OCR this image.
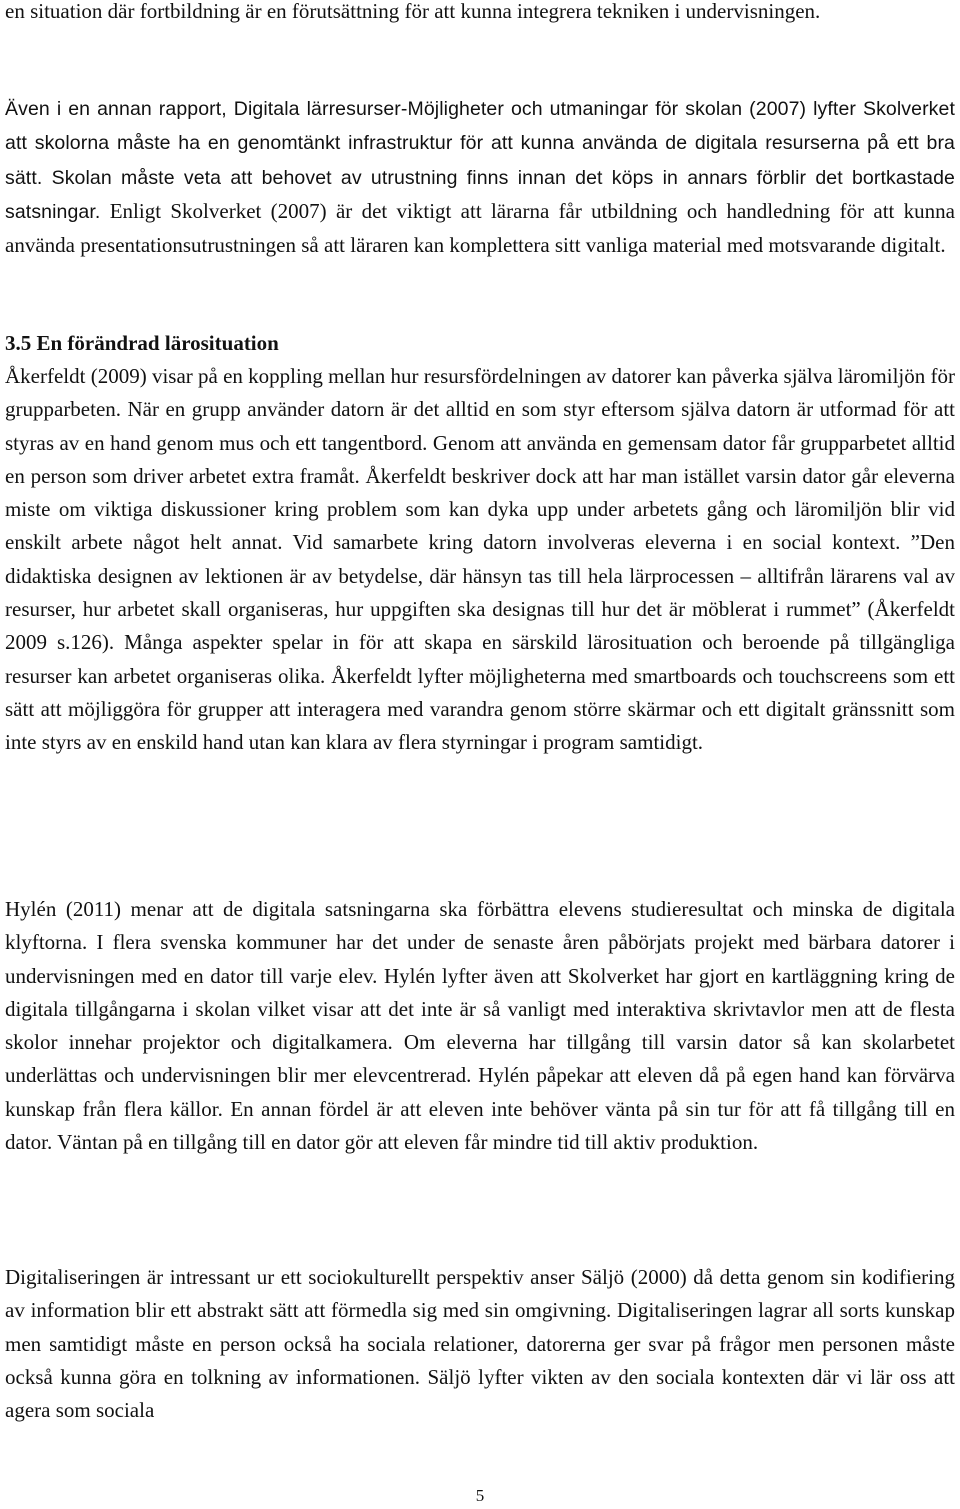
en situation där fortbildning är en förutsättning för att kunna integrera tekniken i undervisningen.

Även i en annan rapport, Digitala lärresurser-Möjligheter och utmaningar för skolan (2007) lyfter Skolverket att skolorna måste ha en genomtänkt infrastruktur för att kunna använda de digitala resurserna på ett bra sätt. Skolan måste veta att behovet av utrustning finns innan det köps in annars förblir det bortkastade satsningar. Enligt Skolverket (2007) är det viktigt att lärarna får utbildning och handledning för att kunna använda presentationsutrustningen så att läraren kan komplettera sitt vanliga material med motsvarande digitalt.

3.5 En förändrad lärosituation

Åkerfeldt (2009) visar på en koppling mellan hur resursfördelningen av datorer kan påverka själva läromiljön för grupparbeten. När en grupp använder datorn är det alltid en som styr eftersom själva datorn är utformad för att styras av en hand genom mus och ett tangentbord. Genom att använda en gemensam dator får grupparbetet alltid en person som driver arbetet extra framåt. Åkerfeldt beskriver dock att har man istället varsin dator går eleverna miste om viktiga diskussioner kring problem som kan dyka upp under arbetets gång och läromiljön blir vid enskilt arbete något helt annat. Vid samarbete kring datorn involveras eleverna i en social kontext. ”Den didaktiska designen av lektionen är av betydelse, där hänsyn tas till hela lärprocessen – alltifrån lärarens val av resurser, hur arbetet skall organiseras, hur uppgiften ska designas till hur det är möblerat i rummet” (Åkerfeldt 2009 s.126). Många aspekter spelar in för att skapa en särskild lärosituation och beroende på tillgängliga resurser kan arbetet organiseras olika. Åkerfeldt lyfter möjligheterna med smartboards och touchscreens som ett sätt att möjliggöra för grupper att interagera med varandra genom större skärmar och ett digitalt gränssnitt som inte styrs av en enskild hand utan kan klara av flera styrningar i program samtidigt.

Hylén (2011) menar att de digitala satsningarna ska förbättra elevens studieresultat och minska de digitala klyftorna. I flera svenska kommuner har det under de senaste åren påbörjats projekt med bärbara datorer i undervisningen med en dator till varje elev. Hylén lyfter även att Skolverket har gjort en kartläggning kring de digitala tillgångarna i skolan vilket visar att det inte är så vanligt med interaktiva skrivtavlor men att de flesta skolor innehar projektor och digitalkamera. Om eleverna har tillgång till varsin dator så kan skolarbetet underlättas och undervisningen blir mer elevcentrerad. Hylén påpekar att eleven då på egen hand kan förvärva kunskap från flera källor. En annan fördel är att eleven inte behöver vänta på sin tur för att få tillgång till en dator. Väntan på en tillgång till en dator gör att eleven får mindre tid till aktiv produktion.

Digitaliseringen är intressant ur ett sociokulturellt perspektiv anser Säljö (2000) då detta genom sin kodifiering av information blir ett abstrakt sätt att förmedla sig med sin omgivning. Digitaliseringen lagrar all sorts kunskap men samtidigt måste en person också ha sociala relationer, datorerna ger svar på frågor men personen måste också kunna göra en tolkning av informationen. Säljö lyfter vikten av den sociala kontexten där vi lär oss att agera som sociala

5
